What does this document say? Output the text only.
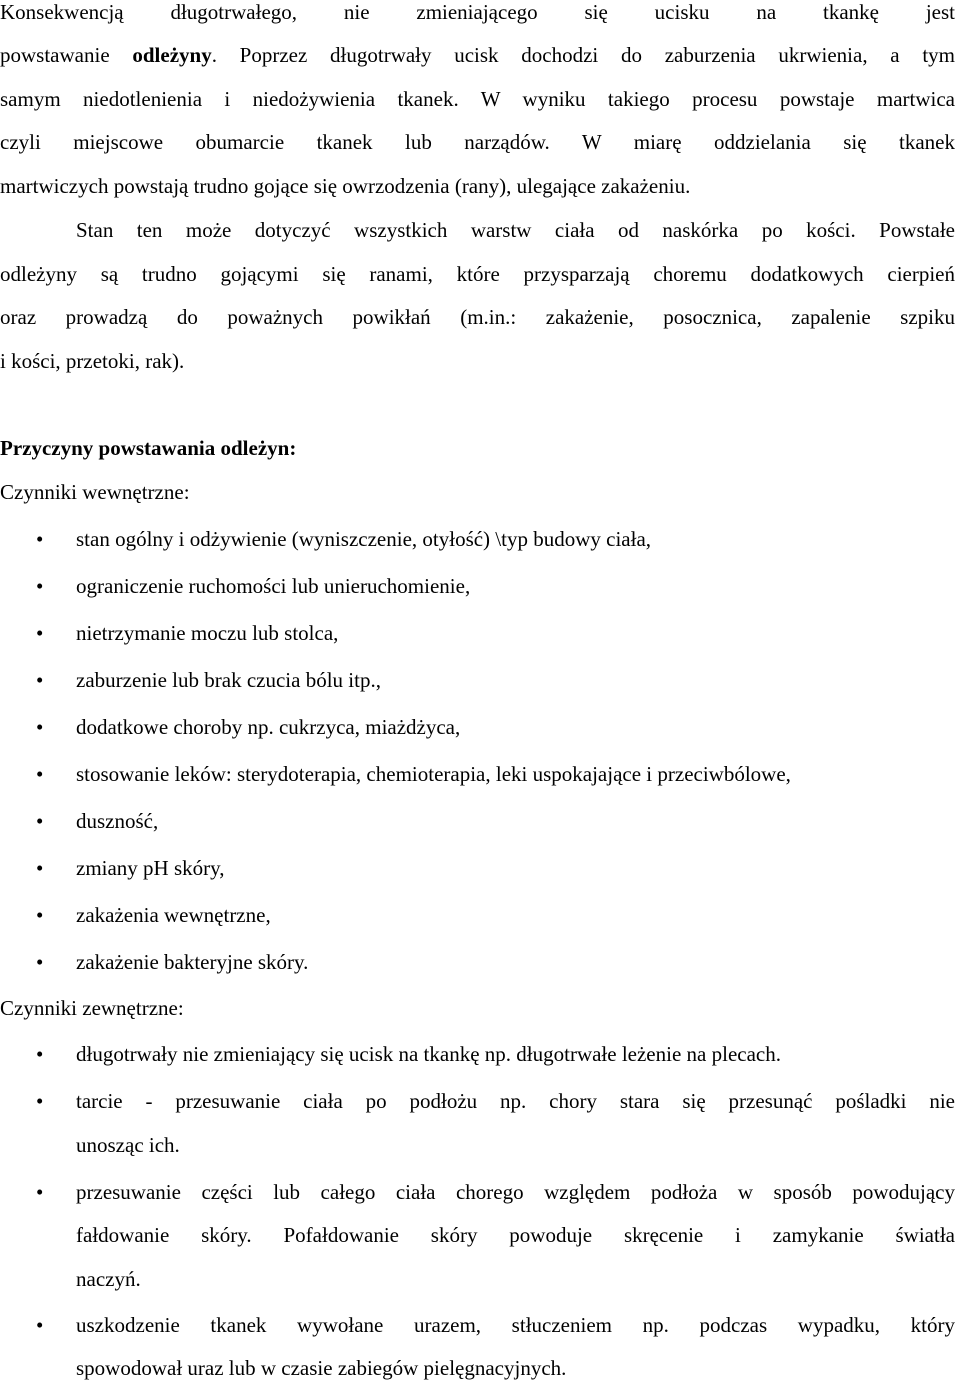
Konsekwencją długotrwałego, nie zmieniającego się ucisku na tkankę jest
powstawanie odleżyny. Poprzez długotrwały ucisk dochodzi do zaburzenia ukrwienia, a tym
samym niedotlenienia i niedożywienia tkanek. W wyniku takiego procesu powstaje martwica
czyli miejscowe obumarcie tkanek lub narządów. W miarę oddzielania się tkanek
martwiczych powstają trudno gojące się owrzodzenia (rany), ulegające zakażeniu.
Stan ten może dotyczyć wszystkich warstw ciała od naskórka po kości. Powstałe
odleżyny są trudno gojącymi się ranami, które przysparzają choremu dodatkowych cierpień
oraz prowadzą do poważnych powikłań (m.in.: zakażenie, posocznica, zapalenie szpiku
i kości, przetoki, rak).
Przyczyny powstawania odleżyn:
Czynniki wewnętrzne:
• stan ogólny i odżywienie (wyniszczenie, otyłość) \typ budowy ciała,
• ograniczenie ruchomości lub unieruchomienie,
• nietrzymanie moczu lub stolca,
• zaburzenie lub brak czucia bólu itp.,
• dodatkowe choroby np. cukrzyca, miażdżyca,
• stosowanie leków: sterydoterapia, chemioterapia, leki uspokajające i przeciwbólowe,
• duszność,
• zmiany pH skóry,
• zakażenia wewnętrzne,
• zakażenie bakteryjne skóry.
Czynniki zewnętrzne:
• długotrwały nie zmieniający się ucisk na tkankę np. długotrwałe leżenie na plecach.
• tarcie - przesuwanie ciała po podłożu np. chory stara się przesunąć pośladki nie
unosząc ich.
• przesuwanie części lub całego ciała chorego względem podłoża w sposób powodujący
fałdowanie skóry. Pofałdowanie skóry powoduje skręcenie i zamykanie światła
naczyń.
• uszkodzenie tkanek wywołane urazem, stłuczeniem np. podczas wypadku, który
spowodował uraz lub w czasie zabiegów pielęgnacyjnych.
